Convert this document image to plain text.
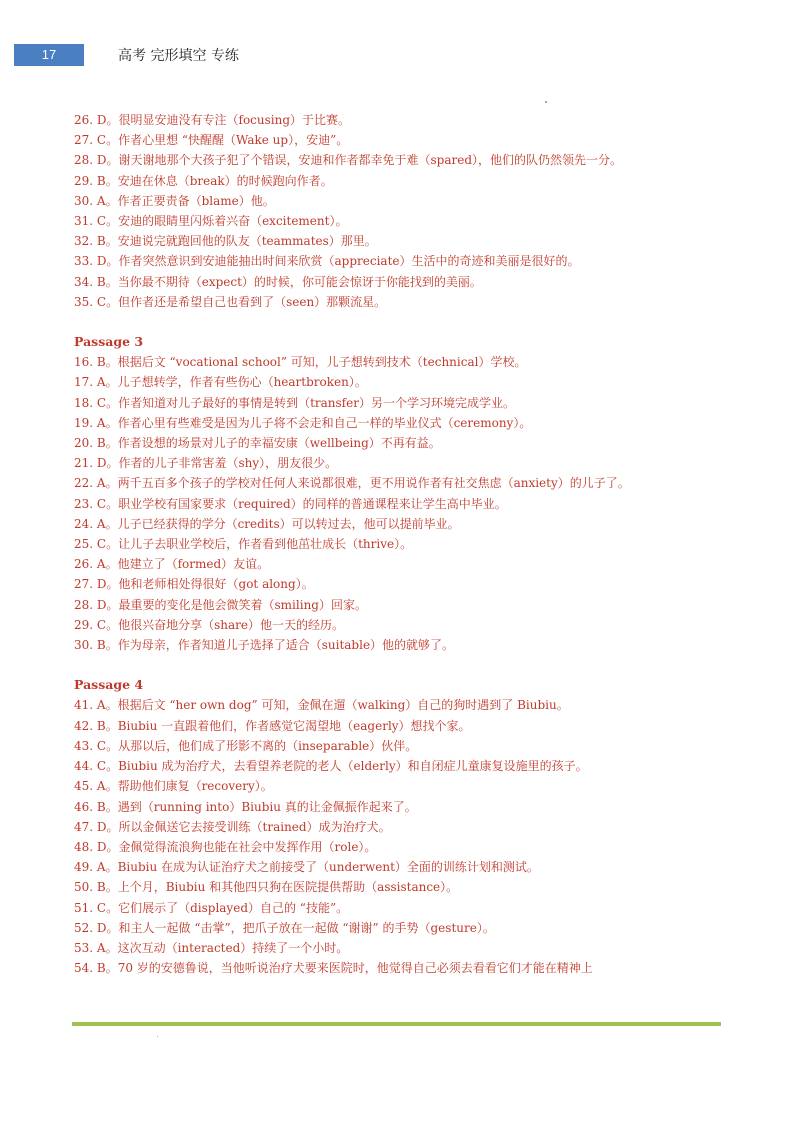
17	高考 完形填空 专练
26. D。很明显安迪没有专注（focusing）于比赛。
27. C。作者心里想 “快醒醒（Wake up），安迪”。
28. D。谢天谢地那个大孩子犯了个错误，安迪和作者都幸免于难（spared），他们的队仍然领先一分。
29. B。安迪在休息（break）的时候跑向作者。
30. A。作者正要责备（blame）他。
31. C。安迪的眼睛里闪烁着兴奋（excitement）。
32. B。安迪说完就跑回他的队友（teammates）那里。
33. D。作者突然意识到安迪能抽出时间来欣赏（appreciate）生活中的奇迹和美丽是很好的。
34. B。当你最不期待（expect）的时候，你可能会惊讶于你能找到的美丽。
35. C。但作者还是希望自己也看到了（seen）那颗流星。
Passage 3
16. B。根据后文 “vocational school” 可知，儿子想转到技术（technical）学校。
17. A。儿子想转学，作者有些伤心（heartbroken）。
18. C。作者知道对儿子最好的事情是转到（transfer）另一个学习环境完成学业。
19. A。作者心里有些难受是因为儿子将不会走和自己一样的毕业仪式（ceremony）。
20. B。作者设想的场景对儿子的幸福安康（wellbeing）不再有益。
21. D。作者的儿子非常害羞（shy），朋友很少。
22. A。两千五百多个孩子的学校对任何人来说都很难，更不用说作者有社交焦虑（anxiety）的儿子了。
23. C。职业学校有国家要求（required）的同样的普通课程来让学生高中毕业。
24. A。儿子已经获得的学分（credits）可以转过去，他可以提前毕业。
25. C。让儿子去职业学校后，作者看到他茁壮成长（thrive）。
26. A。他建立了（formed）友谊。
27. D。他和老师相处得很好（got along）。
28. D。最重要的变化是他会微笑着（smiling）回家。
29. C。他很兴奋地分享（share）他一天的经历。
30. B。作为母亲，作者知道儿子选择了适合（suitable）他的就够了。
Passage 4
41. A。根据后文 “her own dog” 可知，金佩在遛（walking）自己的狗时遇到了 Biubiu。
42. B。Biubiu 一直跟着他们，作者感觉它渴望地（eagerly）想找个家。
43. C。从那以后，他们成了形影不离的（inseparable）伙伴。
44. C。Biubiu 成为治疗犬，去看望养老院的老人（elderly）和自闭症儿童康复设施里的孩子。
45. A。帮助他们康复（recovery）。
46. B。遇到（running into）Biubiu 真的让金佩振作起来了。
47. D。所以金佩送它去接受训练（trained）成为治疗犬。
48. D。金佩觉得流浪狗也能在社会中发挥作用（role）。
49. A。Biubiu 在成为认证治疗犬之前接受了（underwent）全面的训练计划和测试。
50. B。上个月，Biubiu 和其他四只狗在医院提供帮助（assistance）。
51. C。它们展示了（displayed）自己的 “技能”。
52. D。和主人一起做 “击掌”，把爪子放在一起做 “谢谢” 的手势（gesture）。
53. A。这次互动（interacted）持续了一个小时。
54. B。70 岁的安德鲁说，当他听说治疗犬要来医院时，他觉得自己必须去看看它们才能在精神上
